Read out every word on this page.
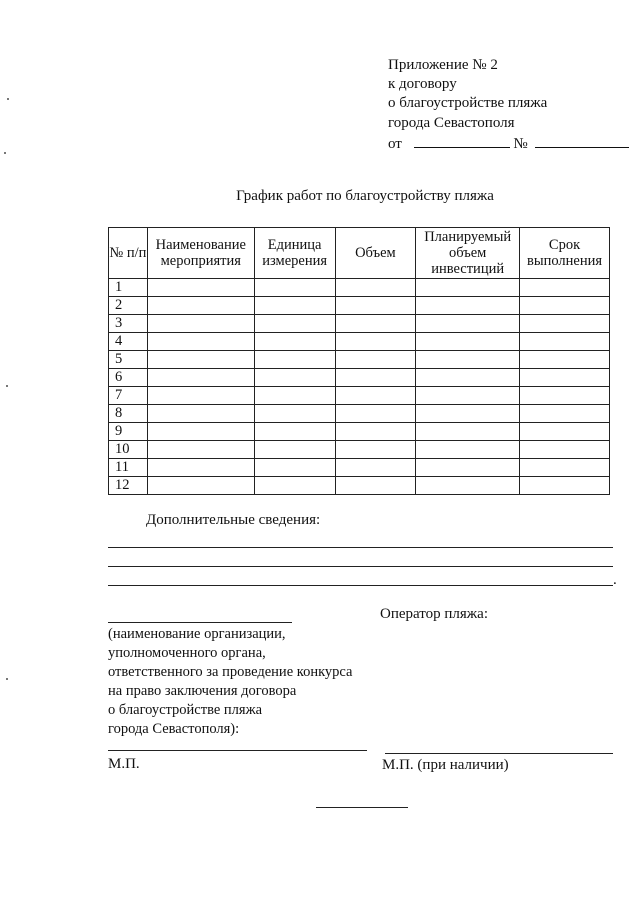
Приложение № 2
к договору
о благоустройстве пляжа
города Севастополя
от	№
График работ по благоустройству пляжа
№ п/п	Наименование мероприятия	Единица измерения	Объем	Планируемый объем инвестиций	Срок выполнения
1					
2					
3					
4					
5					
6					
7					
8					
9					
10					
11					
12					
Дополнительные сведения:
.
(наименование организации,
уполномоченного органа,
ответственного за проведение конкурса
на право заключения договора
о благоустройстве пляжа
города Севастополя):
Оператор пляжа:
М.П.	М.П. (при наличии)
